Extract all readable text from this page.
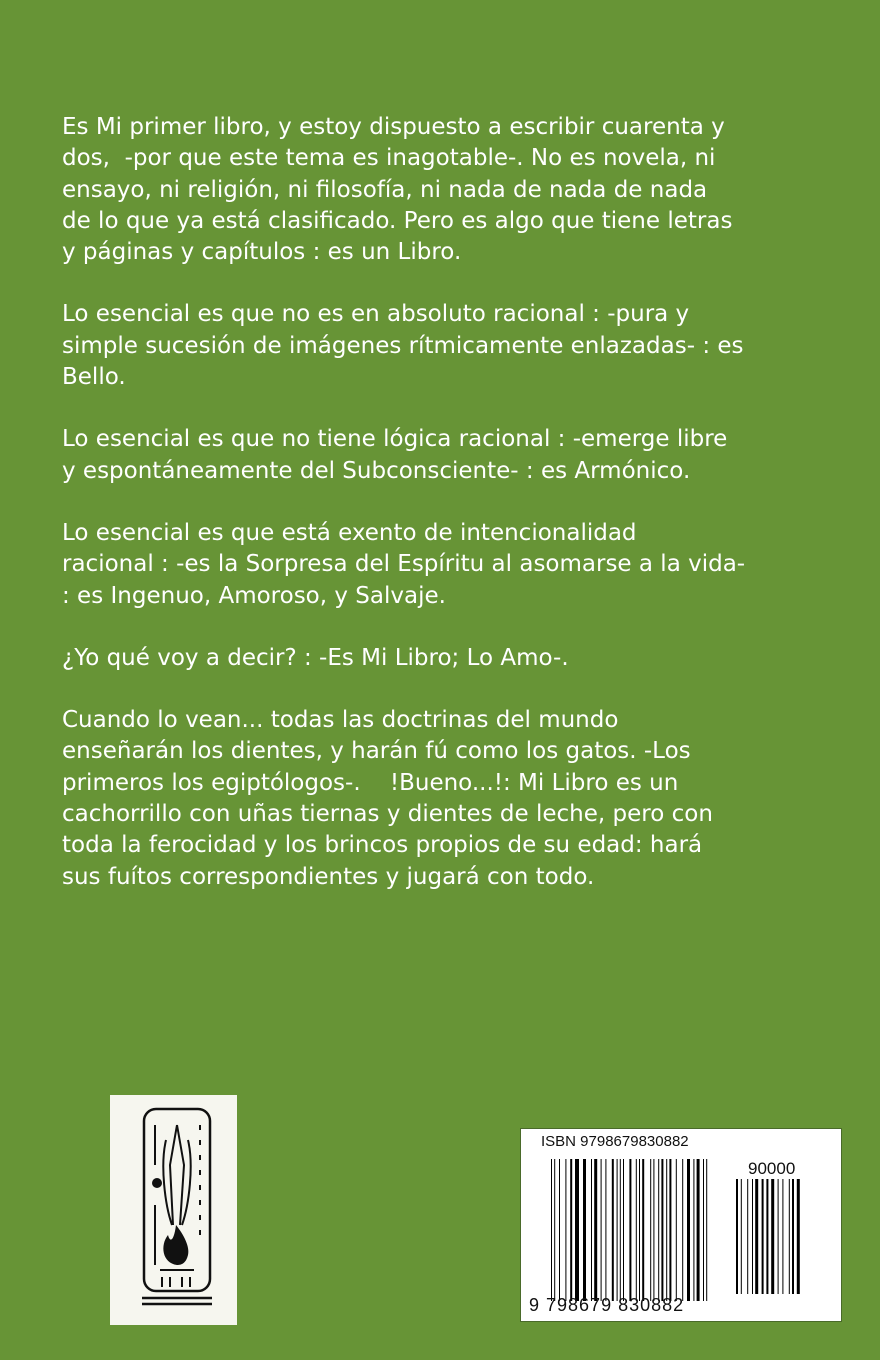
Es Mi primer libro, y estoy dispuesto a escribir cuarenta y
dos,  -por que este tema es inagotable-. No es novela, ni
ensayo, ni religión, ni filosofía, ni nada de nada de nada
de lo que ya está clasificado. Pero es algo que tiene letras
y páginas y capítulos : es un Libro.

Lo esencial es que no es en absoluto racional : -pura y
simple sucesión de imágenes rítmicamente enlazadas- : es
Bello.

Lo esencial es que no tiene lógica racional : -emerge libre
y espontáneamente del Subconsciente- : es Armónico.

Lo esencial es que está exento de intencionalidad
racional : -es la Sorpresa del Espíritu al asomarse a la vida-
: es Ingenuo, Amoroso, y Salvaje.

¿Yo qué voy a decir? : -Es Mi Libro; Lo Amo-.

Cuando lo vean... todas las doctrinas del mundo
enseñarán los dientes, y harán fú como los gatos. -Los
primeros los egiptólogos-.    !Bueno...!: Mi Libro es un
cachorrillo con uñas tiernas y dientes de leche, pero con
toda la ferocidad y los brincos propios de su edad: hará
sus fuítos correspondientes y jugará con todo.

ISBN 9798679830882
90000
9 798679 830882
